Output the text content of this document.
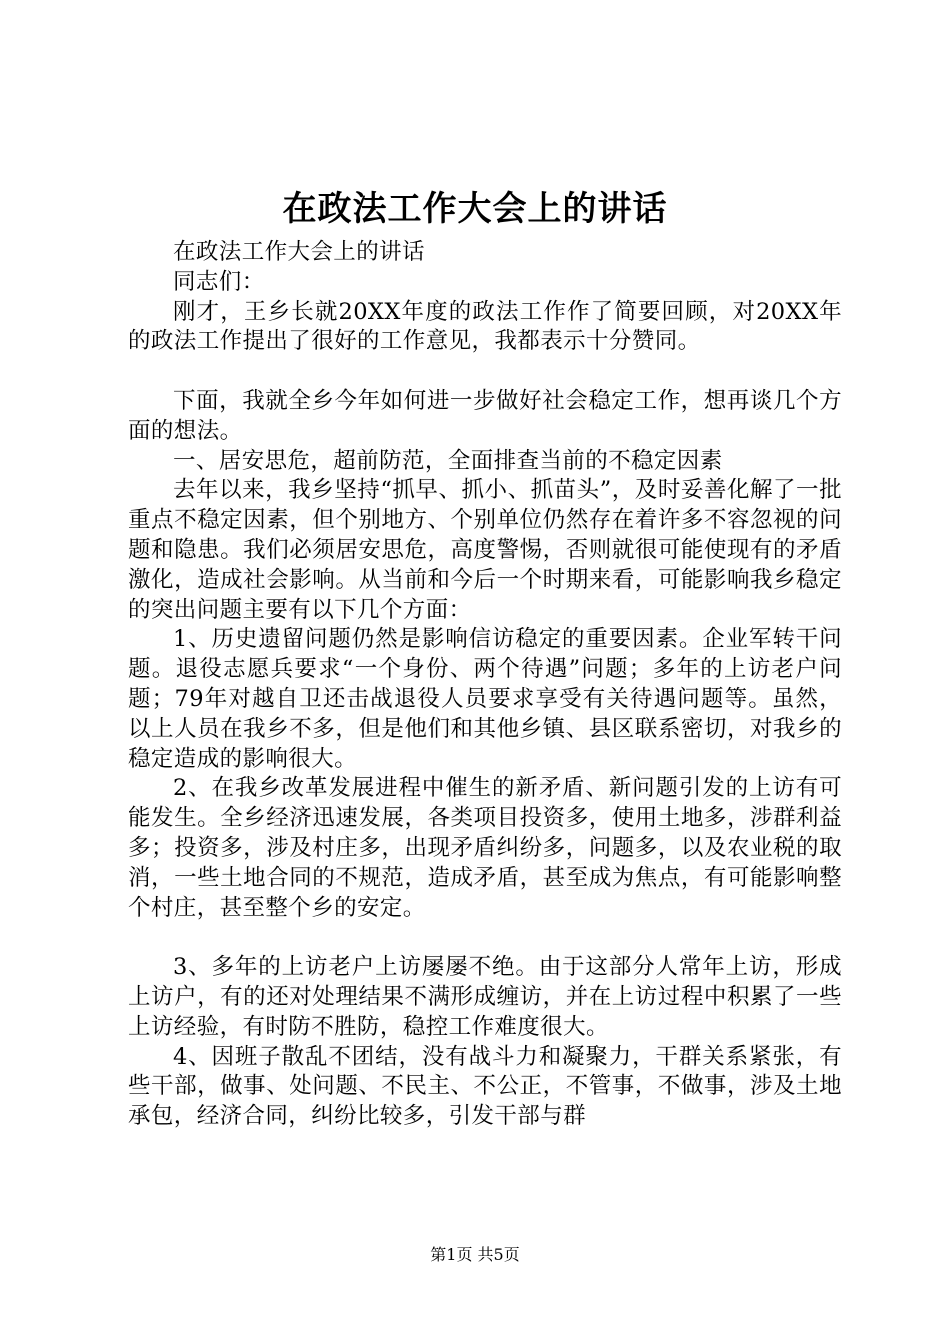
在政法工作大会上的讲话

在政法工作大会上的讲话

同志们：

刚才，王乡长就20XX年度的政法工作作了简要回顾，对20XX年的政法工作提出了很好的工作意见，我都表示十分赞同。

下面，我就全乡今年如何进一步做好社会稳定工作，想再谈几个方面的想法。

一、居安思危，超前防范，全面排查当前的不稳定因素

去年以来，我乡坚持“抓早、抓小、抓苗头”，及时妥善化解了一批重点不稳定因素，但个别地方、个别单位仍然存在着许多不容忽视的问题和隐患。我们必须居安思危，高度警惕，否则就很可能使现有的矛盾激化，造成社会影响。从当前和今后一个时期来看，可能影响我乡稳定的突出问题主要有以下几个方面：

1、历史遗留问题仍然是影响信访稳定的重要因素。企业军转干问题。退役志愿兵要求“一个身份、两个待遇”问题；多年的上访老户问题；79年对越自卫还击战退役人员要求享受有关待遇问题等。虽然，以上人员在我乡不多，但是他们和其他乡镇、县区联系密切，对我乡的稳定造成的影响很大。

2、在我乡改革发展进程中催生的新矛盾、新问题引发的上访有可能发生。全乡经济迅速发展，各类项目投资多，使用土地多，涉群利益多；投资多，涉及村庄多，出现矛盾纠纷多，问题多，以及农业税的取消，一些土地合同的不规范，造成矛盾，甚至成为焦点，有可能影响整个村庄，甚至整个乡的安定。

3、多年的上访老户上访屡屡不绝。由于这部分人常年上访，形成上访户，有的还对处理结果不满形成缠访，并在上访过程中积累了一些上访经验，有时防不胜防，稳控工作难度很大。

4、因班子散乱不团结，没有战斗力和凝聚力，干群关系紧张，有些干部，做事、处问题、不民主、不公正，不管事，不做事，涉及土地承包，经济合同，纠纷比较多，引发干部与群

第1页 共5页
